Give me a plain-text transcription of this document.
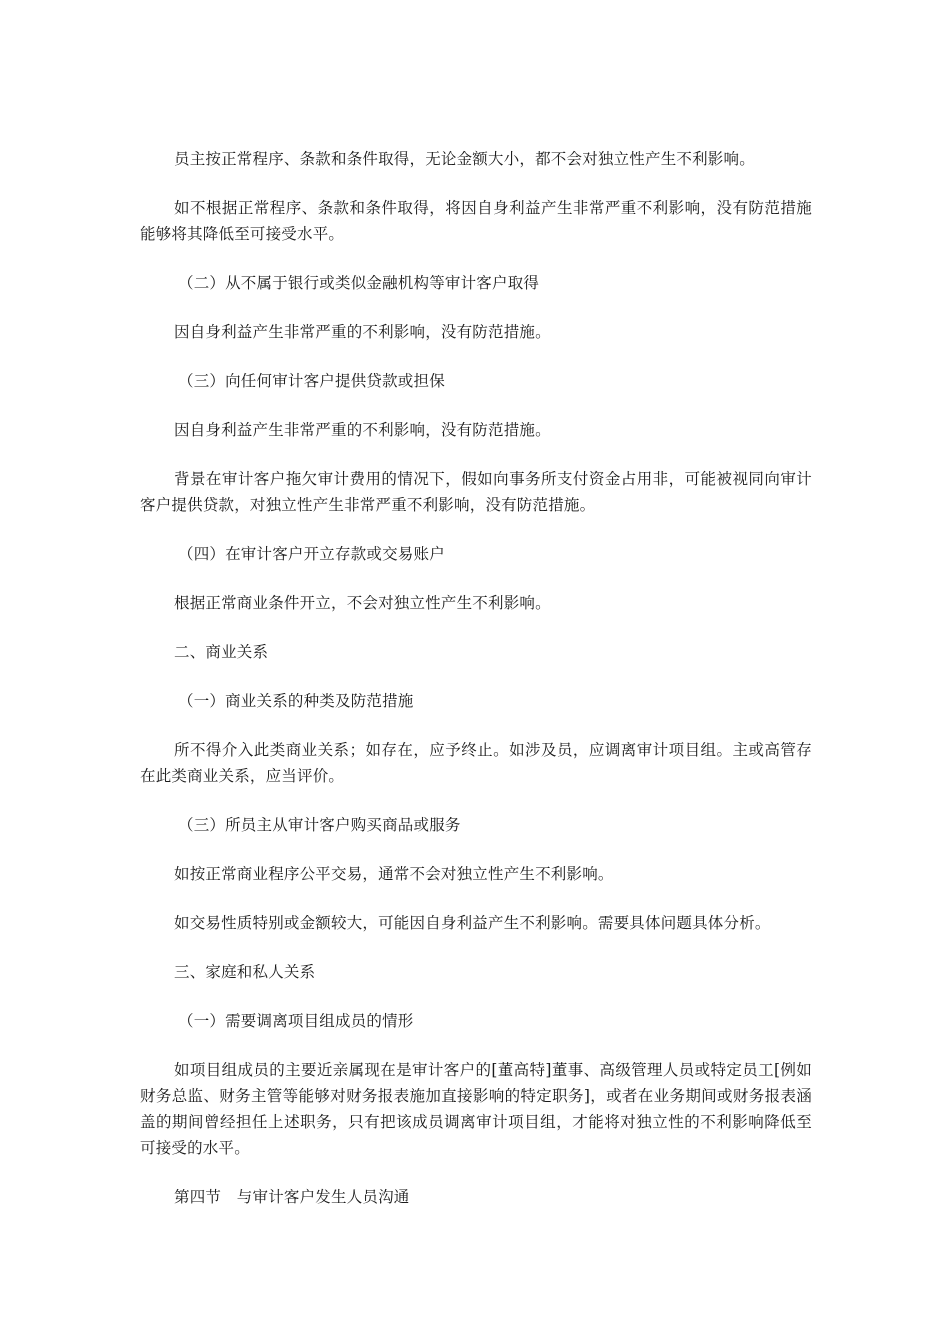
员主按正常程序、条款和条件取得，无论金额大小，都不会对独立性产生不利影响。

如不根据正常程序、条款和条件取得，将因自身利益产生非常严重不利影响，没有防范措施能够将其降低至可接受水平。

（二）从不属于银行或类似金融机构等审计客户取得

因自身利益产生非常严重的不利影响，没有防范措施。

（三）向任何审计客户提供贷款或担保

因自身利益产生非常严重的不利影响，没有防范措施。

背景在审计客户拖欠审计费用的情况下，假如向事务所支付资金占用非，可能被视同向审计客户提供贷款，对独立性产生非常严重不利影响，没有防范措施。

（四）在审计客户开立存款或交易账户

根据正常商业条件开立，不会对独立性产生不利影响。

二、商业关系

（一）商业关系的种类及防范措施

所不得介入此类商业关系；如存在，应予终止。如涉及员，应调离审计项目组。主或高管存在此类商业关系，应当评价。

（三）所员主从审计客户购买商品或服务

如按正常商业程序公平交易，通常不会对独立性产生不利影响。

如交易性质特别或金额较大，可能因自身利益产生不利影响。需要具体问题具体分析。

三、家庭和私人关系

（一）需要调离项目组成员的情形

如项目组成员的主要近亲属现在是审计客户的[董高特]董事、高级管理人员或特定员工[例如财务总监、财务主管等能够对财务报表施加直接影响的特定职务]，或者在业务期间或财务报表涵盖的期间曾经担任上述职务，只有把该成员调离审计项目组，才能将对独立性的不利影响降低至可接受的水平。

第四节　与审计客户发生人员沟通
